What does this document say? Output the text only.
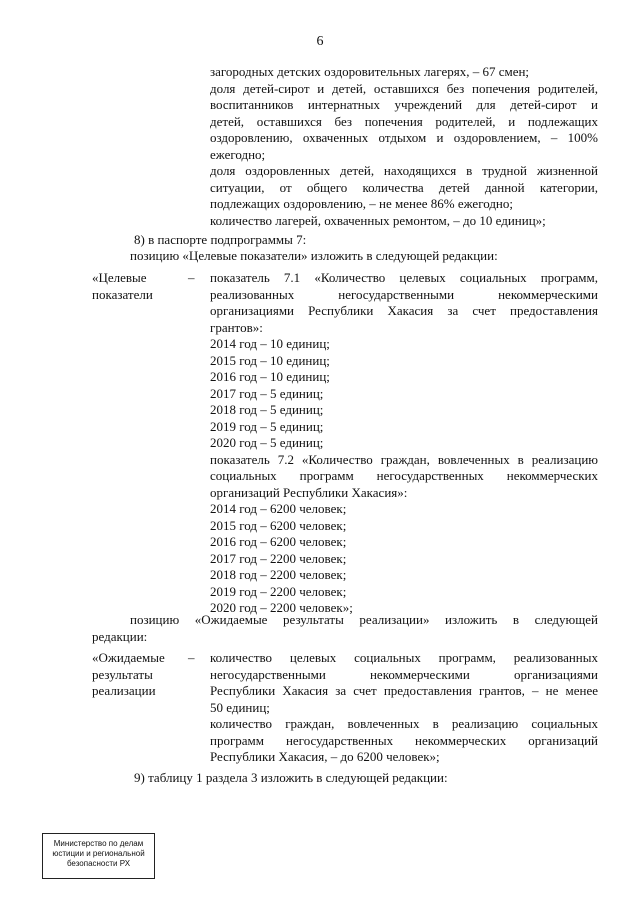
6
загородных детских оздоровительных лагерях, – 67 смен;
доля детей-сирот и детей, оставшихся без попечения родителей,
воспитанников интернатных учреждений для детей-сирот и
детей, оставшихся без попечения родителей, и подлежащих
оздоровлению, охваченных отдыхом и оздоровлением, – 100%
ежегодно;
доля оздоровленных детей, находящихся в трудной жизненной
ситуации, от общего количества детей данной категории,
подлежащих оздоровлению, – не менее 86% ежегодно;
количество лагерей, охваченных ремонтом, – до 10 единиц»;
8) в паспорте подпрограммы 7:
позицию «Целевые показатели» изложить в следующей редакции:
«Целевые
показатели
– показатель 7.1 «Количество целевых социальных программ,
реализованных негосударственными некоммерческими
организациями Республики Хакасия за счет предоставления
грантов»:
2014 год – 10 единиц;
2015 год – 10 единиц;
2016 год – 10 единиц;
2017 год – 5 единиц;
2018 год – 5 единиц;
2019 год – 5 единиц;
2020 год – 5 единиц;
показатель 7.2 «Количество граждан, вовлеченных в реализацию
социальных программ негосударственных некоммерческих
организаций Республики Хакасия»:
2014 год – 6200 человек;
2015 год – 6200 человек;
2016 год – 6200 человек;
2017 год – 2200 человек;
2018 год – 2200 человек;
2019 год – 2200 человек;
2020 год – 2200 человек»;
позицию «Ожидаемые результаты реализации» изложить в следующей
редакции:
«Ожидаемые
результаты
реализации
– количество целевых социальных программ, реализованных
негосударственными некоммерческими организациями
Республики Хакасия за счет предоставления грантов, – не менее
50 единиц;
количество граждан, вовлеченных в реализацию социальных
программ негосударственных некоммерческих организаций
Республики Хакасия, – до 6200 человек»;
9) таблицу 1 раздела 3 изложить в следующей редакции:
Министерство по делам
юстиции и региональной
безопасности РХ
